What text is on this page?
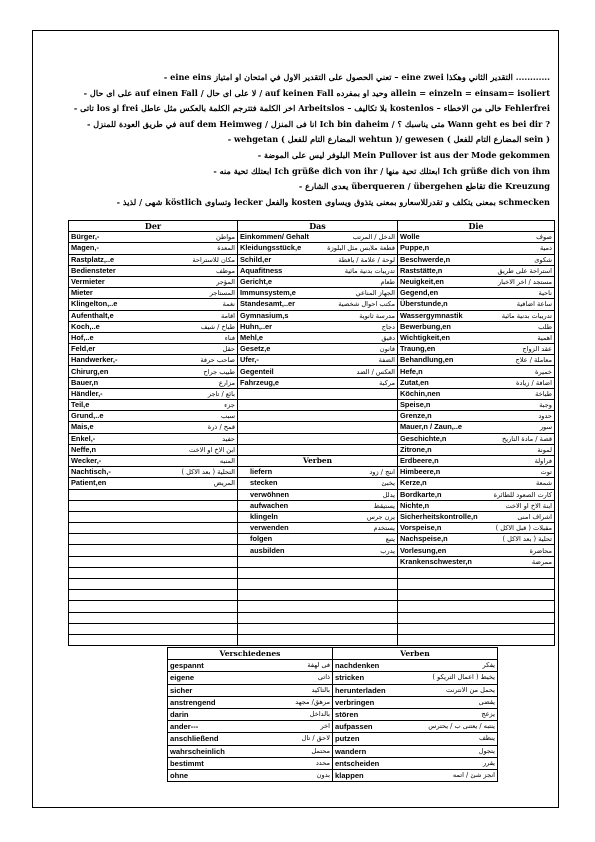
- eine eins تعني الحصول على التقدير الاول في امتحان او امتياز – eine zwei التقدير الثاني وهكذا ............
- على اى حال auf einen Fall / لا على اى حال / auf keinen Fall وحيد او بمفرده allein = einzeln = einsam= isoliert
- تاتى los او frei اخر الكلمة فتترجم الكلمة بالعكس مثل عاطل Arbeitslos – بلا تكاليف kostenlos – خالى من الاخطاء Fehlerfrei
- في طريق العودة للمنزل auf dem Heimweg / انا فى المنزل Ich bin daheim / متى يناسبك ؟ Wann geht es bei dir ?
- wehgetan ( المضارع التام للفعل wehtun )/ gewesen ( المضارع التام للفعل sein )
- البلوفر ليس على الموضة Mein Pullover ist aus der Mode gekommen
- ابعتلك تحية منه Ich grüße dich von ihr / ابعتلك تحية منها Ich grüße dich von ihm
- يعدى الشارع überqueren / übergehen تقاطع die Kreuzung
- شهى / لذيذ köstlich وتساوى lecker والفعل kosten بمعنى يتكلف و تقدرللاسعارو بمعنى يتذوق ويساوى schmecken
Der	Das	Die

Bürger,- مواطن	Einkommen/ Gehalt الدخل / المرتب	Wolle صوف

Magen,- المعدة	Kleidungsstück,e قطعة ملابس مثل البلوزة	Puppe,n دمية

Rastplatz,..e مكان للاستراحة	Schild,er لوحة / علامة / يافطة	Beschwerde,n شكوى

Bediensteter موظف	Aquafitness تدريبات بدنية مائية	Raststätte,n استراحة على طريق

Vermieter المؤجر	Gericht,e طعام	Neuigkeit,en مستجد / اخر الاخبار

Mieter المستاجر	Immunsystem,e الجهاز المناعي	Gegend,en ناحية

Klingelton,..e نغمة	Standesamt,..er مكتب احوال شخصية	Überstunde,n ساعة اضافية

Aufenthalt,e اقامة	Gymnasium,s مدرسة ثانوية	Wassergymnastik تدريبات بدنية مائية

Koch,..e طباخ / شيف	Huhn,..er دجاج	Bewerbung,en طلب

Hof,..e فناء	Mehl,e دقيق	Wichtigkeit,en اهمية

Feld,er حقل	Gesetz,e قانون	Traung,en عقد الزواج

Handwerker,- صاحب حرفة	Ufer,- الضفة	Behandlung,en معاملة / علاج

Chirurg,en طبيب جراح	Gegenteil العكس / الضد	Hefe,n خميرة

Bauer,n مزارع	Fahrzeug,e مركبة	Zutat,en اضافة / زيادة

Händler,- بائع / تاجر		Köchin,nen طباخة

Teil,e جزء		Speise,n وجبة

Grund,..e سبب		Grenze,n حدود

Mais,e قمح / ذرة		Mauer,n / Zaun,..e سور

Enkel,- حفيد		Geschichte,n قصة / مادة التاريخ

Neffe,n ابن الاخ او الاخت		Zitrone,n لمونة

Wecker,- المنبه	Verben	Erdbeere,n فراولة

Nachtisch,- التحلية ( بعد الاكل )	liefern انتج / زود	Himbeere,n توت

Patient,en المريض	stecken يخبئ	Kerze,n شمعة

	verwöhnen يدلل	Bordkarte,n كارت الصعود للطائرة

	aufwachen يستيقظ	Nichte,n ابنة الاخ او الاخت

	klingeln يرن جرس	Sicherheitskontrolle,n اشراف امنى

	verwenden يستخدم	Vorspeise,n مقبلات ( قبل الاكل )

	folgen يتبع	Nachspeise,n تحلية ( بعد الاكل )

	ausbilden يدرب	Vorlesung,en محاضرة

		Krankenschwester,n ممرضة

Verschiedenes	Verben

gespannt فى لهفة	nachdenken يفكر

eigene ذاتى	stricken يخيط ( اعمال التريكو )

sicher بالتاكيد	herunterladen يحمل من الانترنت

anstrengend مرهق/ مجهد	verbringen يقضى

darin بالداخل	stören يزعج

ander--- اخر	aufpassen ينتبه / يعتنى ب / يحترس

anschließend لاحق / تال	putzen ينظف

wahrscheinlich محتمل	wandern يتجول

bestimmt محدد	entscheiden يقرر

ohne بدون	klappen انجز شئ / اتمه
